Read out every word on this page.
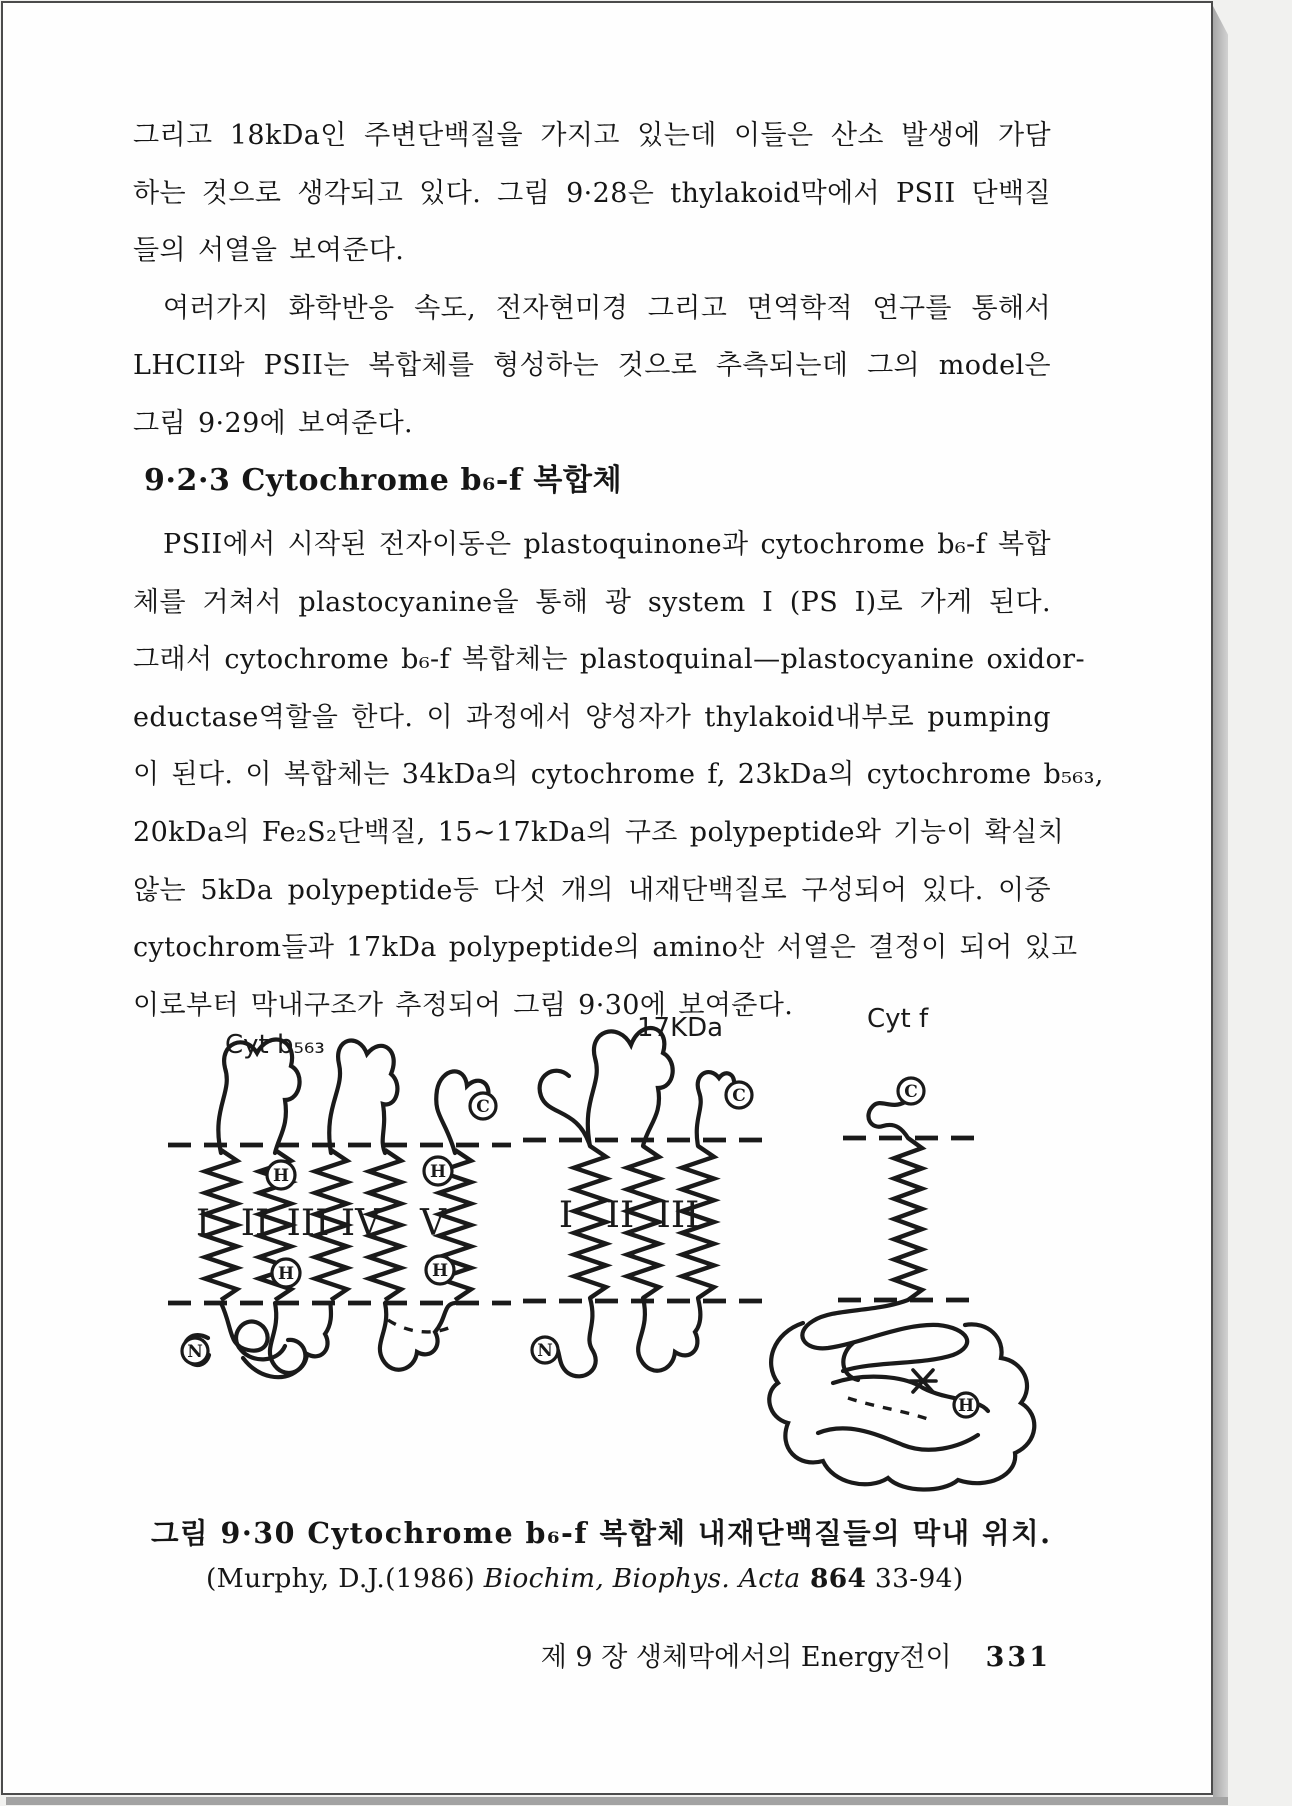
그리고 18kDa인 주변단백질을 가지고 있는데 이들은 산소 발생에 가담
하는 것으로 생각되고 있다. 그림 9·28은 thylakoid막에서 PSII 단백질
들의 서열을 보여준다.
여러가지 화학반응 속도, 전자현미경 그리고 면역학적 연구를 통해서
LHCII와 PSII는 복합체를 형성하는 것으로 추측되는데 그의 model은
그림 9·29에 보여준다.
9·2·3 Cytochrome b₆-f 복합체
PSII에서 시작된 전자이동은 plastoquinone과 cytochrome b₆-f 복합
체를 거쳐서 plastocyanine을 통해 광 system I (PS I)로 가게 된다.
그래서 cytochrome b₆-f 복합체는 plastoquinal—plastocyanine oxidor-
eductase역할을 한다. 이 과정에서 양성자가 thylakoid내부로 pumping
이 된다. 이 복합체는 34kDa의 cytochrome f, 23kDa의 cytochrome b₅₆₃,
20kDa의 Fe₂S₂단백질, 15~17kDa의 구조 polypeptide와 기능이 확실치
않는 5kDa polypeptide등 다섯 개의 내재단백질로 구성되어 있다. 이중
cytochrom들과 17kDa polypeptide의 amino산 서열은 결정이 되어 있고
이로부터 막내구조가 추정되어 그림 9·30에 보여준다.
Cyt b₅₆₃
17KDa	Cyt f
I II III IV V
H
H
H
H
C
N
I II III
C
N
C
H
그림 9·30 Cytochrome b₆-f 복합체 내재단백질들의 막내 위치.
(Murphy, D.J.(1986) Biochim, Biophys. Acta 864 33-94)
제 9 장 생체막에서의 Energy전이 331
